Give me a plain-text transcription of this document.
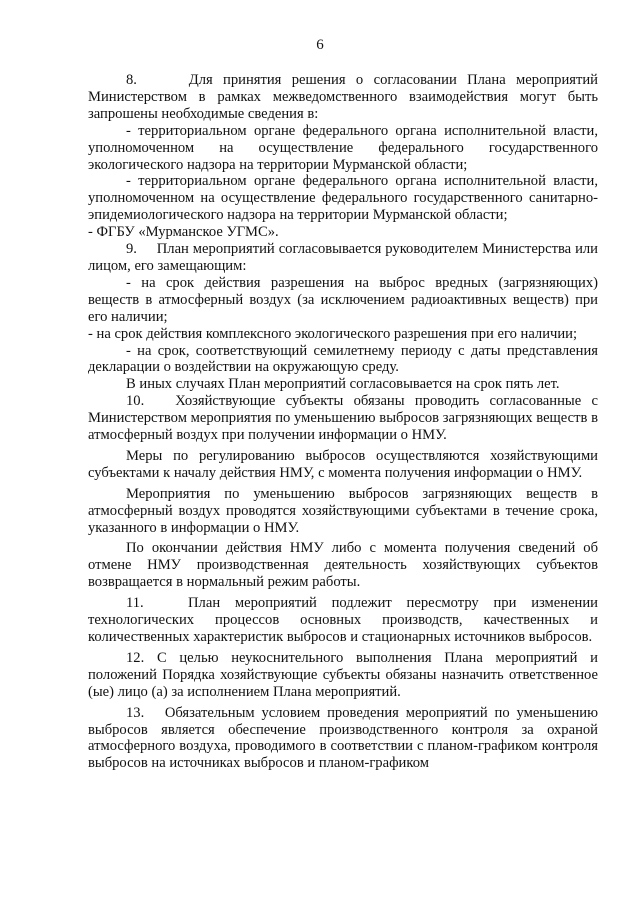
6

8.     Для принятия решения о согласовании Плана мероприятий Министерством в рамках межведомственного взаимодействия могут быть запрошены необходимые сведения в:

- территориальном органе федерального органа исполнительной власти, уполномоченном на осуществление федерального государственного экологического надзора на территории Мурманской области;

- территориальном органе федерального органа исполнительной власти, уполномоченном на осуществление федерального государственного санитарно-эпидемиологического надзора на территории Мурманской области;

- ФГБУ «Мурманское УГМС».

9.     План мероприятий согласовывается руководителем Министерства или лицом, его замещающим:

- на срок действия разрешения на выброс вредных (загрязняющих) веществ в атмосферный воздух (за исключением радиоактивных веществ) при его наличии;

- на срок действия комплексного экологического разрешения при его наличии;

- на срок, соответствующий семилетнему периоду с даты представления декларации о воздействии на окружающую среду.

В иных случаях План мероприятий согласовывается на срок пять лет.

10.   Хозяйствующие субъекты обязаны проводить согласованные с Министерством мероприятия по уменьшению выбросов загрязняющих веществ в атмосферный воздух при получении информации о НМУ.

Меры по регулированию выбросов осуществляются хозяйствующими субъектами к началу действия НМУ, с момента получения информации о НМУ.

Мероприятия по уменьшению выбросов загрязняющих веществ в атмосферный воздух проводятся хозяйствующими субъектами в течение срока, указанного в информации о НМУ.

По окончании действия НМУ либо с момента получения сведений об отмене НМУ производственная деятельность хозяйствующих субъектов возвращается в нормальный режим работы.

11.   План мероприятий подлежит пересмотру при изменении технологических процессов основных производств, качественных и количественных характеристик выбросов и стационарных источников выбросов.

12. С целью неукоснительного выполнения Плана мероприятий и положений Порядка хозяйствующие субъекты обязаны назначить ответственное (ые) лицо (а) за исполнением Плана мероприятий.

13.   Обязательным условием проведения мероприятий по уменьшению выбросов является обеспечение производственного контроля за охраной атмосферного воздуха, проводимого в соответствии с планом-графиком контроля выбросов на источниках выбросов и планом-графиком
